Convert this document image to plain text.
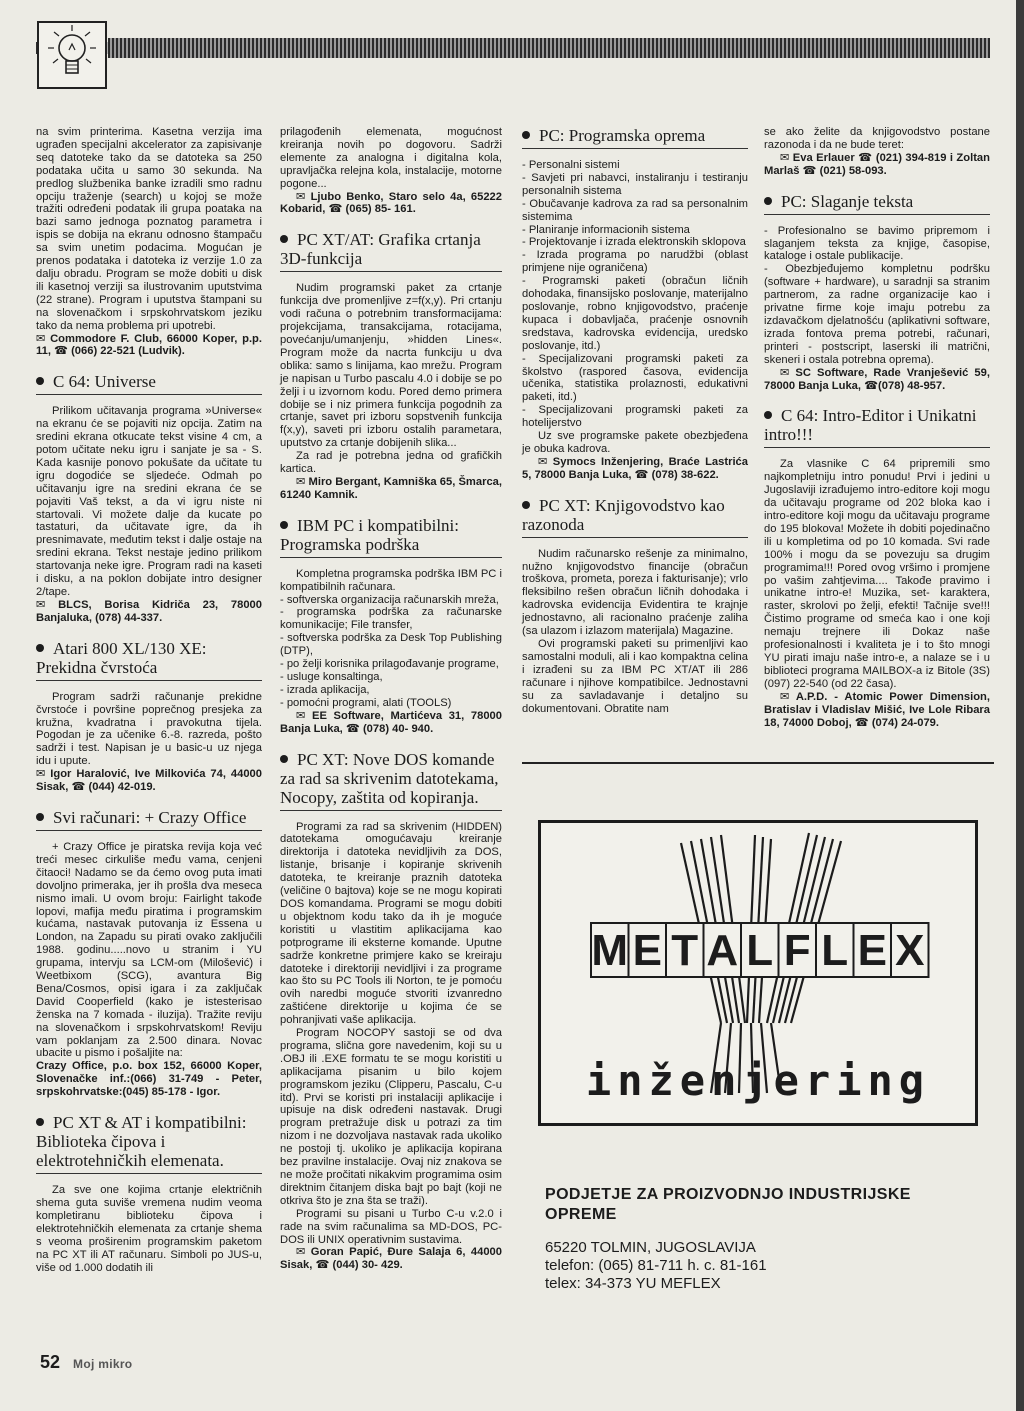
na svim printerima. Kasetna verzija ima ugrađen specijalni akcelerator za zapisivanje seq datoteke tako da se datoteka sa 250 podataka učita u samo 30 sekunda. Na predlog službenika banke izradili smo radnu opciju traženje (search) u kojoj se može tražiti određeni podatak ili grupa poataka na bazi samo jednoga poznatog parametra i ispis se dobija na ekranu odnosno štampaču sa svim unetim podacima. Mogućan je prenos podataka i datoteka iz verzije 1.0 za dalju obradu. Program se može dobiti u disk ili kasetnoj verziji sa ilustrovanim uputstvima (22 strane). Program i uputstva štampani su na slovenačkom i srpskohrvatskom jeziku tako da nema problema pri upotrebi.

✉ Commodore F. Club, 66000 Koper, p.p. 11, ☎ (066) 22-521 (Ludvik).

C 64: Universe

Prilikom učitavanja programa »Universe« na ekranu će se pojaviti niz opcija. Zatim na sredini ekrana otkucate tekst visine 4 cm, a potom učitate neku igru i sanjate je sa - S. Kada kasnije ponovo pokušate da učitate tu igru dogodiće se sljedeće. Odmah po učitavanju igre na sredini ekrana će se pojaviti Vaš tekst, a da vi igru niste ni startovali. Vi možete dalje da kucate po tastaturi, da učitavate igre, da ih presnimavate, međutim tekst i dalje ostaje na sredini ekrana. Tekst nestaje jedino prilikom startovanja neke igre. Program radi na kaseti i disku, a na poklon dobijate intro designer 2/tape.

✉ BLCS, Borisa Kidriča 23, 78000 Banjaluka, (078) 44-337.

Atari 800 XL/130 XE: Prekidna čvrstoća

Program sadrži računanje prekidne čvrstoće i površine poprečnog presjeka za kružna, kvadratna i pravokutna tijela. Pogodan je za učenike 6.-8. razreda, pošto sadrži i test. Napisan je u basic-u uz njega idu i upute.

✉ Igor Haralović, Ive Milkovića 74, 44000 Sisak, ☎ (044) 42-019.

Svi računari: + Crazy Office

+ Crazy Office je piratska revija koja već treći mesec cirkuliše među vama, cenjeni čitaoci! Nadamo se da ćemo ovog puta imati dovoljno primeraka, jer ih prošla dva meseca nismo imali. U ovom broju: Fairlight takođe lopovi, mafija među piratima i programskim kućama, nastavak putovanja iz Essena u London, na Zapadu su pirati ovako zaključili 1988. godinu.....novo u stranim i YU grupama, intervju sa LCM-om (Milošević) i Weetbixom (SCG), avantura Big Bena/Cosmos, opisi igara i za zaključak David Cooperfield (kako je istesterisao ženska na 7 komada - iluzija). Tražite reviju na slovenačkom i srpskohrvatskom! Reviju vam poklanjam za 2.500 dinara. Novac ubacite u pismo i pošaljite na:

Crazy Office, p.o. box 152, 66000 Koper, Slovenačke inf.:(066) 31-749 - Peter, srpskohrvatske:(045) 85-178 - Igor.

PC XT & AT i kompatibilni: Biblioteka čipova i elektrotehničkih elemenata.

Za sve one kojima crtanje električnih shema guta suviše vremena nudim veoma kompletiranu biblioteku čipova i elektrotehničkih elemenata za crtanje shema s veoma proširenim programskim paketom na PC XT ili AT računaru. Simboli po JUS-u, više od 1.000 dodatih ili

prilagođenih elemenata, mogućnost kreiranja novih po dogovoru. Sadrži elemente za analogna i digitalna kola, upravljačka relejna kola, instalacije, motorne pogone...

✉ Ljubo Benko, Staro selo 4a, 65222 Kobarid, ☎ (065) 85- 161.

PC XT/AT: Grafika crtanja 3D-funkcija

Nudim programski paket za crtanje funkcija dve promenljive z=f(x,y). Pri crtanju vodi računa o potrebnim transformacijama: projekcijama, transakcijama, rotacijama, povećanju/umanjenju, »hidden Lines«. Program može da nacrta funkciju u dva oblika: samo s linijama, kao mrežu. Program je napisan u Turbo pascalu 4.0 i dobije se po želji i u izvornom kodu. Pored demo primera dobije se i niz primera funkcija pogodnih za crtanje, savet pri izboru sopstvenih funkcija f(x,y), saveti pri izboru ostalih parametara, uputstvo za crtanje dobijenih slika...

Za rad je potrebna jedna od grafičkih kartica.

✉ Miro Bergant, Kamniška 65, Šmarca, 61240 Kamnik.

IBM PC i kompatibilni: Programska podrška

Kompletna programska podrška IBM PC i kompatibilnih računara.

- softverska organizacija računarskih mreža,
- programska podrška za računarske komunikacije; File transfer,
- softverska podrška za Desk Top Publishing (DTP),
- po želji korisnika prilagođavanje programe,
- usluge konsaltinga,
- izrada aplikacija,
- pomoćni programi, alati (TOOLS)

✉ EE Software, Martićeva 31, 78000 Banja Luka, ☎ (078) 40- 940.

PC XT: Nove DOS komande za rad sa skrivenim datotekama, Nocopy, zaštita od kopiranja.

Programi za rad sa skrivenim (HIDDEN) datotekama omogućavaju kreiranje direktorija i datoteka nevidljivih za DOS, listanje, brisanje i kopiranje skrivenih datoteka, te kreiranje praznih datoteka (veličine 0 bajtova) koje se ne mogu kopirati DOS komandama. Programi se mogu dobiti u objektnom kodu tako da ih je moguće koristiti u vlastitim aplikacijama kao potprograme ili eksterne komande. Uputne sadrže konkretne primjere kako se kreiraju datoteke i direktoriji nevidljivi i za programe kao što su PC Tools ili Norton, te je pomoću ovih naredbi moguće stvoriti izvanredno zaštićene direktorije u kojima će se pohranjivati vaše aplikacija.

Program NOCOPY sastoji se od dva programa, slična gore navedenim, koji su u .OBJ ili .EXE formatu te se mogu koristiti u aplikacijama pisanim u bilo kojem programskom jeziku (Clipperu, Pascalu, C-u itd). Prvi se koristi pri instalaciji aplikacije i upisuje na disk određeni nastavak. Drugi program pretražuje disk u potrazi za tim nizom i ne dozvoljava nastavak rada ukoliko ne postoji tj. ukoliko je aplikacija kopirana bez pravilne instalacije. Ovaj niz znakova se ne može pročitati nikakvim programima osim direktnim čitanjem diska bajt po bajt (koji ne otkriva što je zna šta se traži).

Programi su pisani u Turbo C-u v.2.0 i rade na svim računalima sa MD-DOS, PC-DOS ili UNIX operativnim sustavima.

✉ Goran Papić, Đure Salaja 6, 44000 Sisak, ☎ (044) 30- 429.

PC: Programska oprema
- Personalni sistemi
- Savjeti pri nabavci, instaliranju i testiranju personalnih sistema
- Obučavanje kadrova za rad sa personalnim sistemima
- Planiranje informacionih sistema
- Projektovanje i izrada elektronskih sklopova
- Izrada programa po narudžbi (oblast primjene nije ograničena)
- Programski paketi (obračun ličnih dohodaka, finansijsko poslovanje, materijalno poslovanje, robno knjigovodstvo, praćenje kupaca i dobavljača, praćenje osnovnih sredstava, kadrovska evidencija, uredsko poslovanje, itd.)
- Specijalizovani programski paketi za školstvo (raspored časova, evidencija učenika, statistika prolaznosti, edukativni paketi, itd.)
- Specijalizovani programski paketi za hotelijerstvo

Uz sve programske pakete obezbjeđena je obuka kadrova.

✉ Symocs Inženjering, Braće Lastrića 5, 78000 Banja Luka, ☎ (078) 38-622.

PC XT: Knjigovodstvo kao razonoda

Nudim računarsko rešenje za minimalno, nužno knjigovodstvo financije (obračun troškova, prometa, poreza i fakturisanje); vrlo fleksibilno rešen obračun ličnih dohodaka i kadrovska evidencija Evidentira te krajnje jednostavno, ali racionalno praćenje zaliha (sa ulazom i izlazom materijala) Magazine.

Ovi programski paketi su primenljivi kao samostalni moduli, ali i kao kompaktna celina i izrađeni su za IBM PC XT/AT ili 286 računare i njihove kompatibilce. Jednostavni su za savladavanje i detaljno su dokumentovani. Obratite nam

se ako želite da knjigovodstvo postane razonoda i da ne bude teret:

✉ Eva Erlauer ☎ (021) 394-819 i Zoltan Marlaš ☎ (021) 58-093.

PC: Slaganje teksta
- Profesionalno se bavimo pripremom i slaganjem teksta za knjige, časopise, kataloge i ostale publikacije.
- Obezbjeđujemo kompletnu podršku (software + hardware), u saradnji sa stranim partnerom, za radne organizacije kao i privatne firme koje imaju potrebu za izdavačkom djelatnošću (aplikativni software, izrada fontova prema potrebi, računari, printeri - postscript, laserski ili matrični, skeneri i ostala potrebna oprema).

✉ SC Software, Rade Vranješević 59, 78000 Banja Luka, ☎(078) 48-957.

C 64: Intro-Editor i Unikatni intro!!!

Za vlasnike C 64 pripremili smo najkompletniju intro ponudu! Prvi i jedini u Jugoslaviji izrađujemo intro-editore koji mogu da učitavaju programe od 202 bloka kao i intro-editore koji mogu da učitavaju programe do 195 blokova! Možete ih dobiti pojedinačno ili u kompletima od po 10 komada. Svi rade 100% i mogu da se povezuju sa drugim programima!!! Pored ovog vršimo i promjene po vašim zahtjevima.... Takođe pravimo i unikatne intro-e! Muzika, set- karaktera, raster, skrolovi po želji, efekti! Tačnije sve!!! Čistimo programe od smeća kao i one koji nemaju trejnere ili Dokaz naše profesionalnosti i kvaliteta je i to što mnogi YU pirati imaju naše intro-e, a nalaze se i u biblioteci programa MAILBOX-a iz Bitole (3S) (097) 22-540 (od 22 časa).

✉ A.P.D. - Atomic Power Dimension, Bratislav i Vladislav Mišić, Ive Lole Ribara 18, 74000 Doboj, ☎ (074) 24-079.

M E T A L F L E X
inženjering
PODJETJE ZA PROIZVODNJO INDUSTRIJSKE OPREME
65220 TOLMIN, JUGOSLAVIJA
telefon: (065) 81-711 h. c. 81-161
telex: 34-373 YU MEFLEX
52 Moj mikro
